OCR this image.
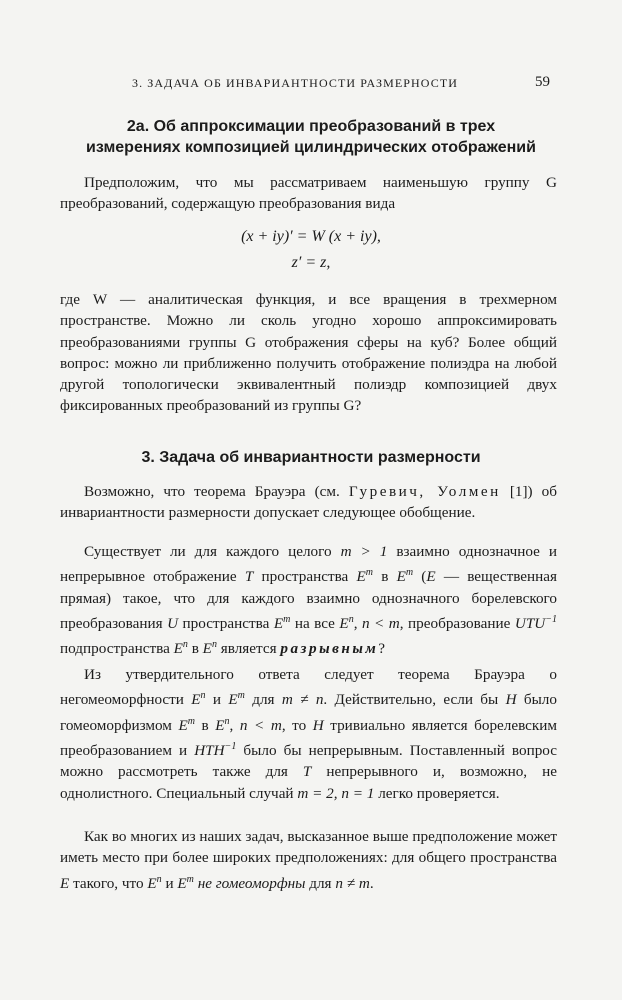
3. ЗАДАЧА ОБ ИНВАРИАНТНОСТИ РАЗМЕРНОСТИ	59
2а. Об аппроксимации преобразований в трех
измерениях композицией цилиндрических отображений

Предположим, что мы рассматриваем наименьшую группу G преобразований, содержащую преобразования вида

(x + iy)′ = W (x + iy),
z′ = z,

где W — аналитическая функция, и все вращения в трехмерном пространстве. Можно ли сколь угодно хорошо аппроксимировать преобразованиями группы G отображения сферы на куб? Более общий вопрос: можно ли приближенно получить отображение полиэдра на любой другой топологически эквивалентный полиэдр композицией двух фиксированных преобразований из группы G?

3. Задача об инвариантности размерности

Возможно, что теорема Брауэра (см. Гуревич, Уолмен [1]) об инвариантности размерности допускает следующее обобщение.

Существует ли для каждого целого m > 1 взаимно однозначное и непрерывное отображение T пространства $E^m$ в $E^m$ (E — вещественная прямая) такое, что для каждого взаимно однозначного борелевского преобразования U пространства $E^m$ на все $E^n$, n < m, преобразование $UTU^{-1}$ подпространства $E^n$ в $E^n$ является разрывным?

Из утвердительного ответа следует теорема Брауэра о негомеоморфности $E^n$ и $E^m$ для m ≠ n. Действительно, если бы H было гомеоморфизмом $E^m$ в $E^n$, n < m, то H тривиально является борелевским преобразованием и $HTH^{-1}$ было бы непрерывным. Поставленный вопрос можно рассмотреть также для T непрерывного и, возможно, не однолистного. Специальный случай m = 2, n = 1 легко проверяется.

Как во многих из наших задач, высказанное выше предположение может иметь место при более широких предположениях: для общего пространства E такого, что $E^n$ и $E^m$ не гомеоморфны для n ≠ m.
